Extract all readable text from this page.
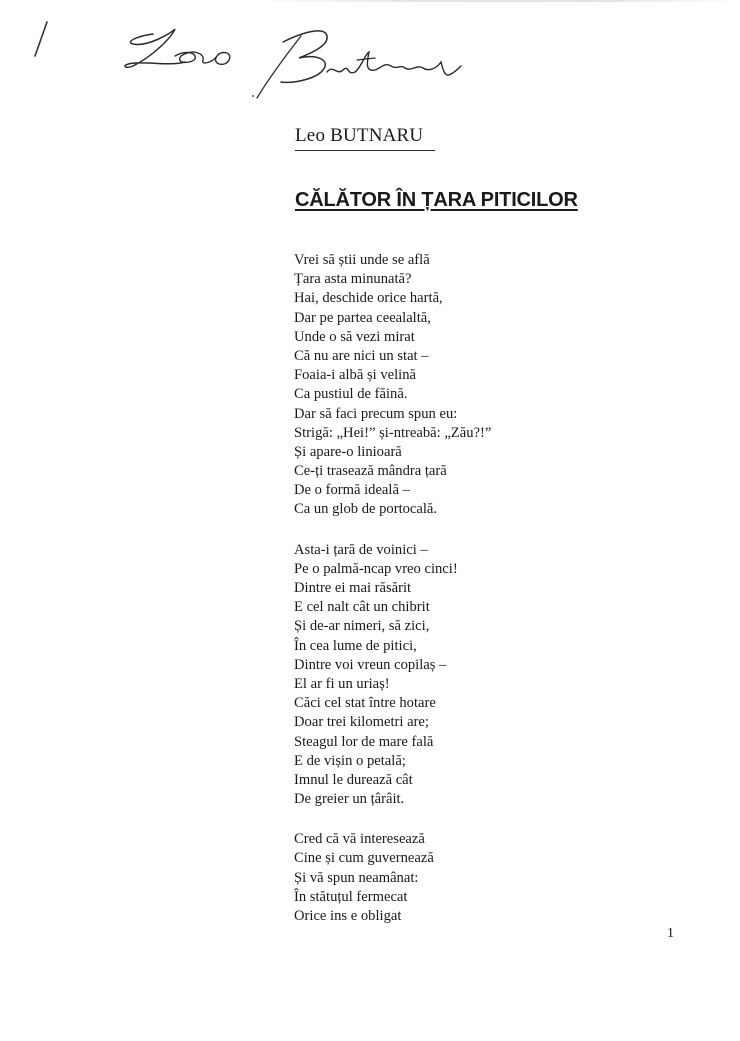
Leo BUTNARU
CĂLĂTOR ÎN ȚARA PITICILOR
Vrei să știi unde se află
Țara asta minunată?
Hai, deschide orice hartă,
Dar pe partea ceealaltă,
Unde o să vezi mirat
Că nu are nici un stat –
Foaia-i albă și velină
Ca pustiul de făină.
Dar să faci precum spun eu:
Strigă: „Hei!” și-ntreabă: „Zău?!”
Și apare-o linioară
Ce-ți trasează mândra țară
De o formă ideală –
Ca un glob de portocală.
Asta-i țară de voinici –
Pe o palmă-ncap vreo cinci!
Dintre ei mai răsărit
E cel nalt cât un chibrit
Și de-ar nimeri, să zici,
În cea lume de pitici,
Dintre voi vreun copilaș –
El ar fi un uriaș!
Căci cel stat între hotare
Doar trei kilometri are;
Steagul lor de mare fală
E de vișin o petală;
Imnul le durează cât
De greier un țârâit.
Cred că vă interesează
Cine și cum guvernează
Și vă spun neamânat:
În stătuțul fermecat
Orice ins e obligat
1
